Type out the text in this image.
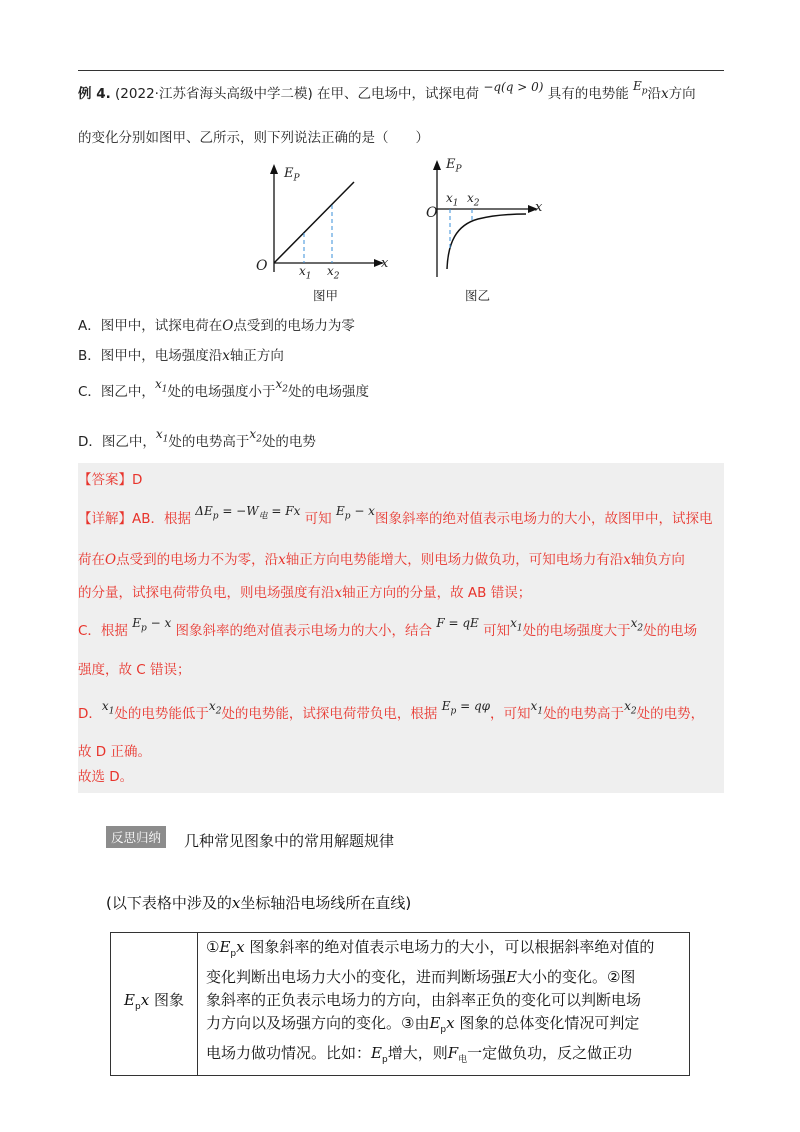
例 4. (2022·江苏省海头高级中学二模) 在甲、乙电场中，试探电荷 −q(q > 0) 具有的电势能 $E_p$沿x方向
的变化分别如图甲、乙所示，则下列说法正确的是（　　）
$E_P$
O	x
$x_1$ $x_2$
图甲
$E_P$
O	x
$x_1$ $x_2$
图乙
A．图甲中，试探电荷在O点受到的电场力为零
B．图甲中，电场强度沿x轴正方向
C．图乙中，$x_1$处的电场强度小于$x_2$处的电场强度
D．图乙中，$x_1$处的电势高于$x_2$处的电势
【答案】D
【详解】AB．根据 $\Delta E_p = -W_电 = Fx$ 可知 $E_p - x$图象斜率的绝对值表示电场力的大小，故图甲中，试探电
荷在O点受到的电场力不为零，沿x轴正方向电势能增大，则电场力做负功，可知电场力有沿x轴负方向
的分量，试探电荷带负电，则电场强度有沿x轴正方向的分量，故 AB 错误；
C．根据 $E_p - x$ 图象斜率的绝对值表示电场力的大小，结合 F = qE 可知$x_1$处的电场强度大于$x_2$处的电场
强度，故 C 错误；
D．$x_1$处的电势能低于$x_2$处的电势能，试探电荷带负电，根据 $E_p = q\varphi$，可知$x_1$处的电势高于$x_2$处的电势，
故 D 正确。
故选 D。
反思归纳	几种常见图象中的常用解题规律
(以下表格中涉及的x坐标轴沿电场线所在直线)
$E_px$ 图象	
$①E_px$ 图象斜率的绝对值表示电场力的大小，可以根据斜率绝对值的
变化判断出电场力大小的变化，进而判断场强E大小的变化。②图
象斜率的正负表示电场力的方向，由斜率正负的变化可以判断电场
力方向以及场强方向的变化。③由$E_px$ 图象的总体变化情况可判定
电场力做功情况。比如：$E_p$增大，则$F_电$一定做负功，反之做正功
